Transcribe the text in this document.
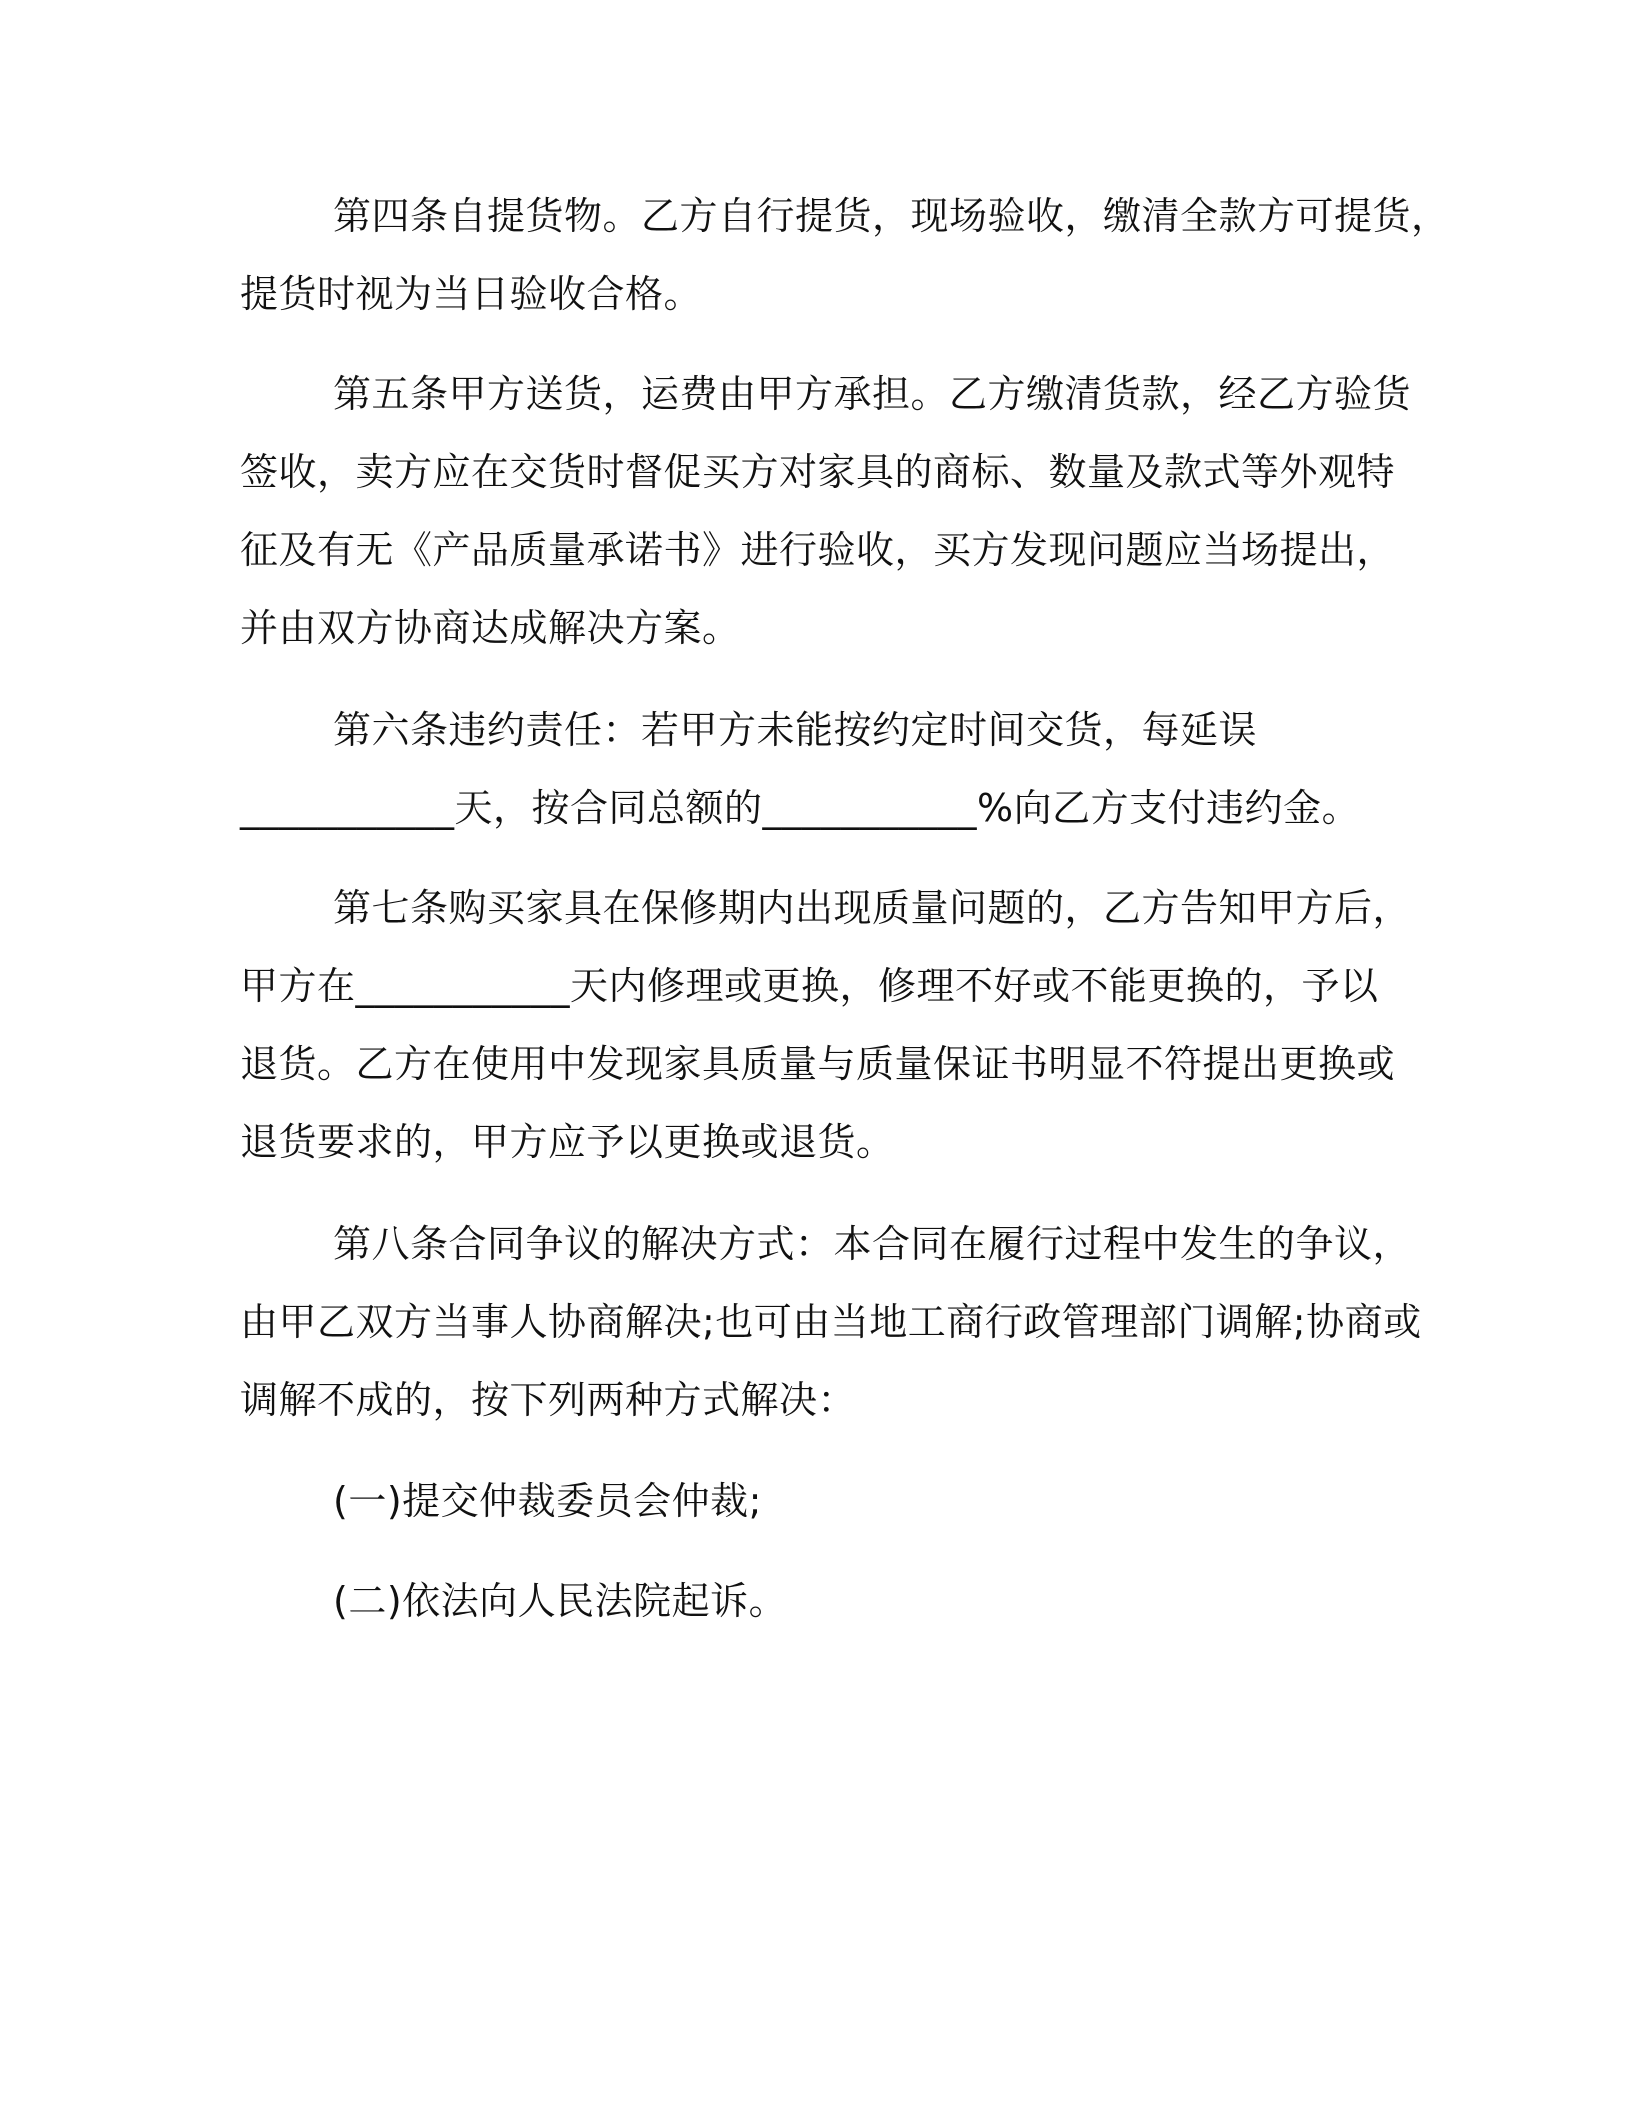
第四条自提货物。乙方自行提货，现场验收，缴清全款方可提货，
提货时视为当日验收合格。
第五条甲方送货，运费由甲方承担。乙方缴清货款，经乙方验货
签收，卖方应在交货时督促买方对家具的商标、数量及款式等外观特
征及有无《产品质量承诺书》进行验收，买方发现问题应当场提出，
并由双方协商达成解决方案。
第六条违约责任：若甲方未能按约定时间交货，每延误
___________天，按合同总额的___________%向乙方支付违约金。
第七条购买家具在保修期内出现质量问题的，乙方告知甲方后，
甲方在___________天内修理或更换，修理不好或不能更换的，予以
退货。乙方在使用中发现家具质量与质量保证书明显不符提出更换或
退货要求的，甲方应予以更换或退货。
第八条合同争议的解决方式：本合同在履行过程中发生的争议，
由甲乙双方当事人协商解决;也可由当地工商行政管理部门调解;协商或
调解不成的，按下列两种方式解决：
(一)提交仲裁委员会仲裁;
(二)依法向人民法院起诉。
